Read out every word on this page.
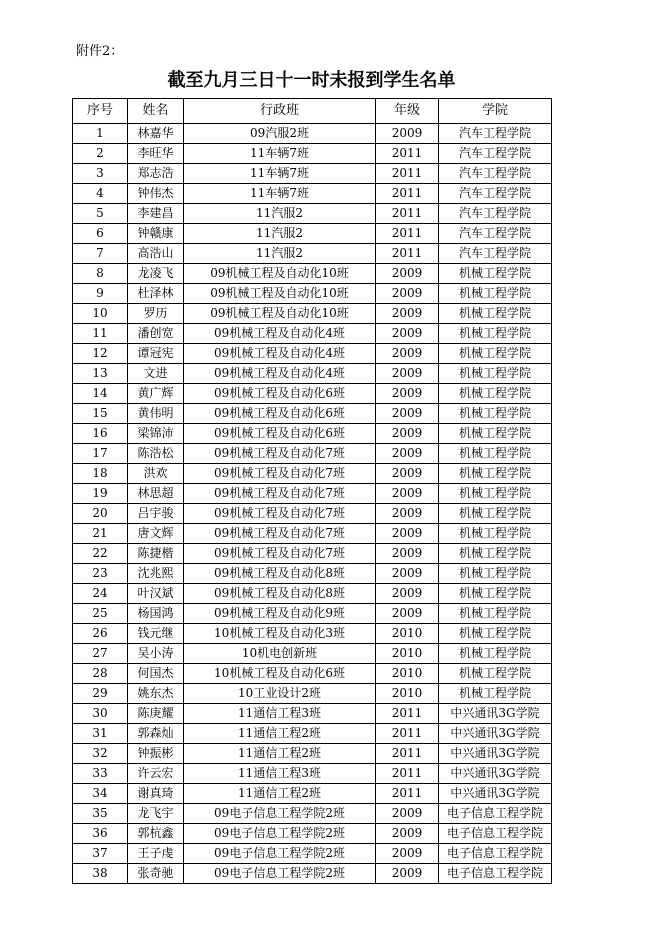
附件2：
截至九月三日十一时未报到学生名单
序号	姓名	行政班	年级	学院
1	林嘉华	09汽服2班	2009	汽车工程学院
2	李旺华	11车辆7班	2011	汽车工程学院
3	郑志浩	11车辆7班	2011	汽车工程学院
4	钟伟杰	11车辆7班	2011	汽车工程学院
5	李建昌	11汽服2	2011	汽车工程学院
6	钟赣康	11汽服2	2011	汽车工程学院
7	高浩山	11汽服2	2011	汽车工程学院
8	龙凌飞	09机械工程及自动化10班	2009	机械工程学院
9	杜泽林	09机械工程及自动化10班	2009	机械工程学院
10	罗历	09机械工程及自动化10班	2009	机械工程学院
11	潘创宽	09机械工程及自动化4班	2009	机械工程学院
12	谭冠宪	09机械工程及自动化4班	2009	机械工程学院
13	文进	09机械工程及自动化4班	2009	机械工程学院
14	黄广辉	09机械工程及自动化6班	2009	机械工程学院
15	黄伟明	09机械工程及自动化6班	2009	机械工程学院
16	梁锦沛	09机械工程及自动化6班	2009	机械工程学院
17	陈浩松	09机械工程及自动化7班	2009	机械工程学院
18	洪欢	09机械工程及自动化7班	2009	机械工程学院
19	林思超	09机械工程及自动化7班	2009	机械工程学院
20	吕宇骏	09机械工程及自动化7班	2009	机械工程学院
21	唐文辉	09机械工程及自动化7班	2009	机械工程学院
22	陈捷楷	09机械工程及自动化7班	2009	机械工程学院
23	沈兆熙	09机械工程及自动化8班	2009	机械工程学院
24	叶汉斌	09机械工程及自动化8班	2009	机械工程学院
25	杨国鸿	09机械工程及自动化9班	2009	机械工程学院
26	钱元继	10机械工程及自动化3班	2010	机械工程学院
27	吴小涛	10机电创新班	2010	机械工程学院
28	何国杰	10机械工程及自动化6班	2010	机械工程学院
29	姚东杰	10工业设计2班	2010	机械工程学院
30	陈庚耀	11通信工程3班	2011	中兴通讯3G学院
31	郭森灿	11通信工程2班	2011	中兴通讯3G学院
32	钟振彬	11通信工程2班	2011	中兴通讯3G学院
33	许云宏	11通信工程3班	2011	中兴通讯3G学院
34	谢真琦	11通信工程2班	2011	中兴通讯3G学院
35	龙飞宇	09电子信息工程学院2班	2009	电子信息工程学院
36	郭杭鑫	09电子信息工程学院2班	2009	电子信息工程学院
37	王子虔	09电子信息工程学院2班	2009	电子信息工程学院
38	张奇驰	09电子信息工程学院2班	2009	电子信息工程学院
